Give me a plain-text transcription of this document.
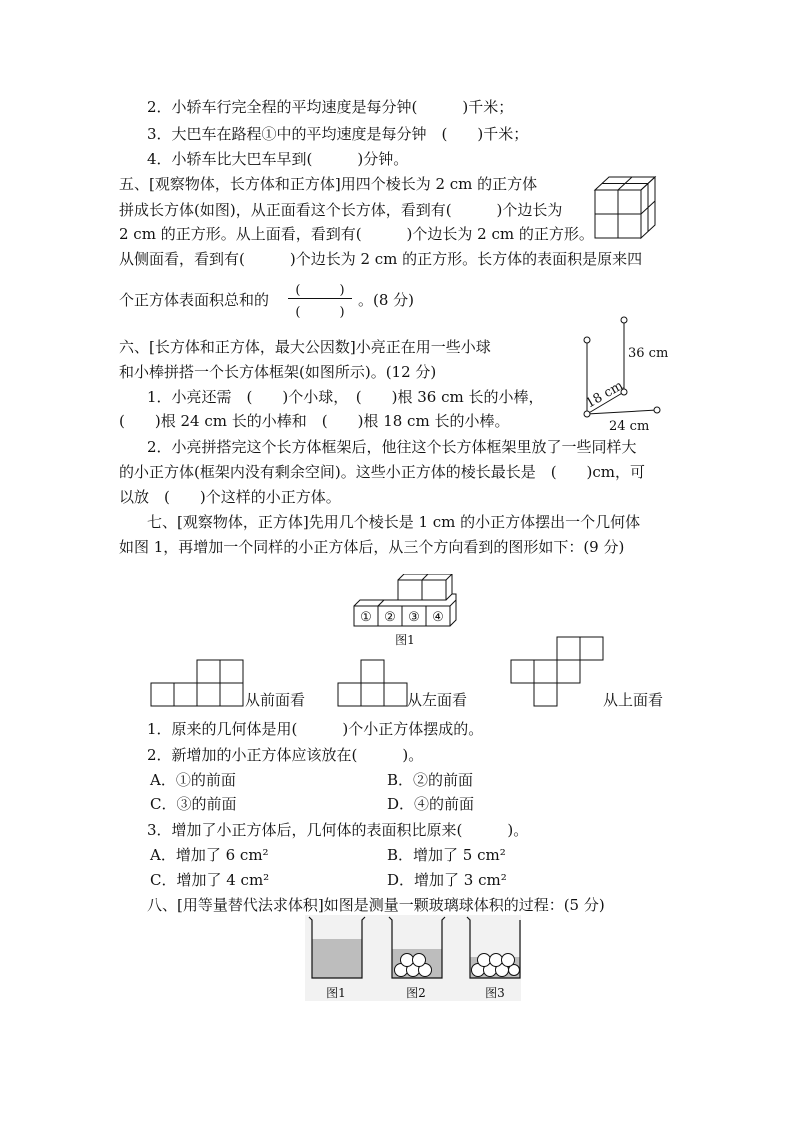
2．小轿车行完全程的平均速度是每分钟(　　　)千米；
3．大巴车在路程①中的平均速度是每分钟　(　　)千米；
4．小轿车比大巴车早到(　　　)分钟。
五、[观察物体，长方体和正方体]用四个棱长为 2 cm 的正方体
拼成长方体(如图)，从正面看这个长方体，看到有(　　　)个边长为
2 cm 的正方形。从上面看，看到有(　　　)个边长为 2 cm 的正方形。
从侧面看，看到有(　　　)个边长为 2 cm 的正方形。长方体的表面积是原来四
个正方体表面积总和的
(　　　)
(　　　)
。(8 分)
六、[长方体和正方体，最大公因数]小亮正在用一些小球
和小棒拼搭一个长方体框架(如图所示)。(12 分)
1．小亮还需　(　　)个小球，　(　　)根 36 cm 长的小棒，
(　　)根 24 cm 长的小棒和　(　　)根 18 cm 长的小棒。
2．小亮拼搭完这个长方体框架后，他往这个长方体框架里放了一些同样大
的小正方体(框架内没有剩余空间)。这些小正方体的棱长最长是　(　　)cm，可
以放　(　　)个这样的小正方体。
七、[观察物体，正方体]先用几个棱长是 1 cm 的小正方体摆出一个几何体
如图 1，再增加一个同样的小正方体后，从三个方向看到的图形如下：(9 分)
1．原来的几何体是用(　　　)个小正方体摆成的。
2．新增加的小正方体应该放在(　　　)。
A．①的前面	B．②的前面
C．③的前面	D．④的前面
3．增加了小正方体后，几何体的表面积比原来(　　　)。
A．增加了 6 cm²	B．增加了 5 cm²
C．增加了 4 cm²	D．增加了 3 cm²
八、[用等量替代法求体积]如图是测量一颗玻璃球体积的过程：(5 分)
36 cm
18 cm
24 cm
① ② ③ ④
图1
从前面看	从左面看	从上面看
图1	图2	图3
